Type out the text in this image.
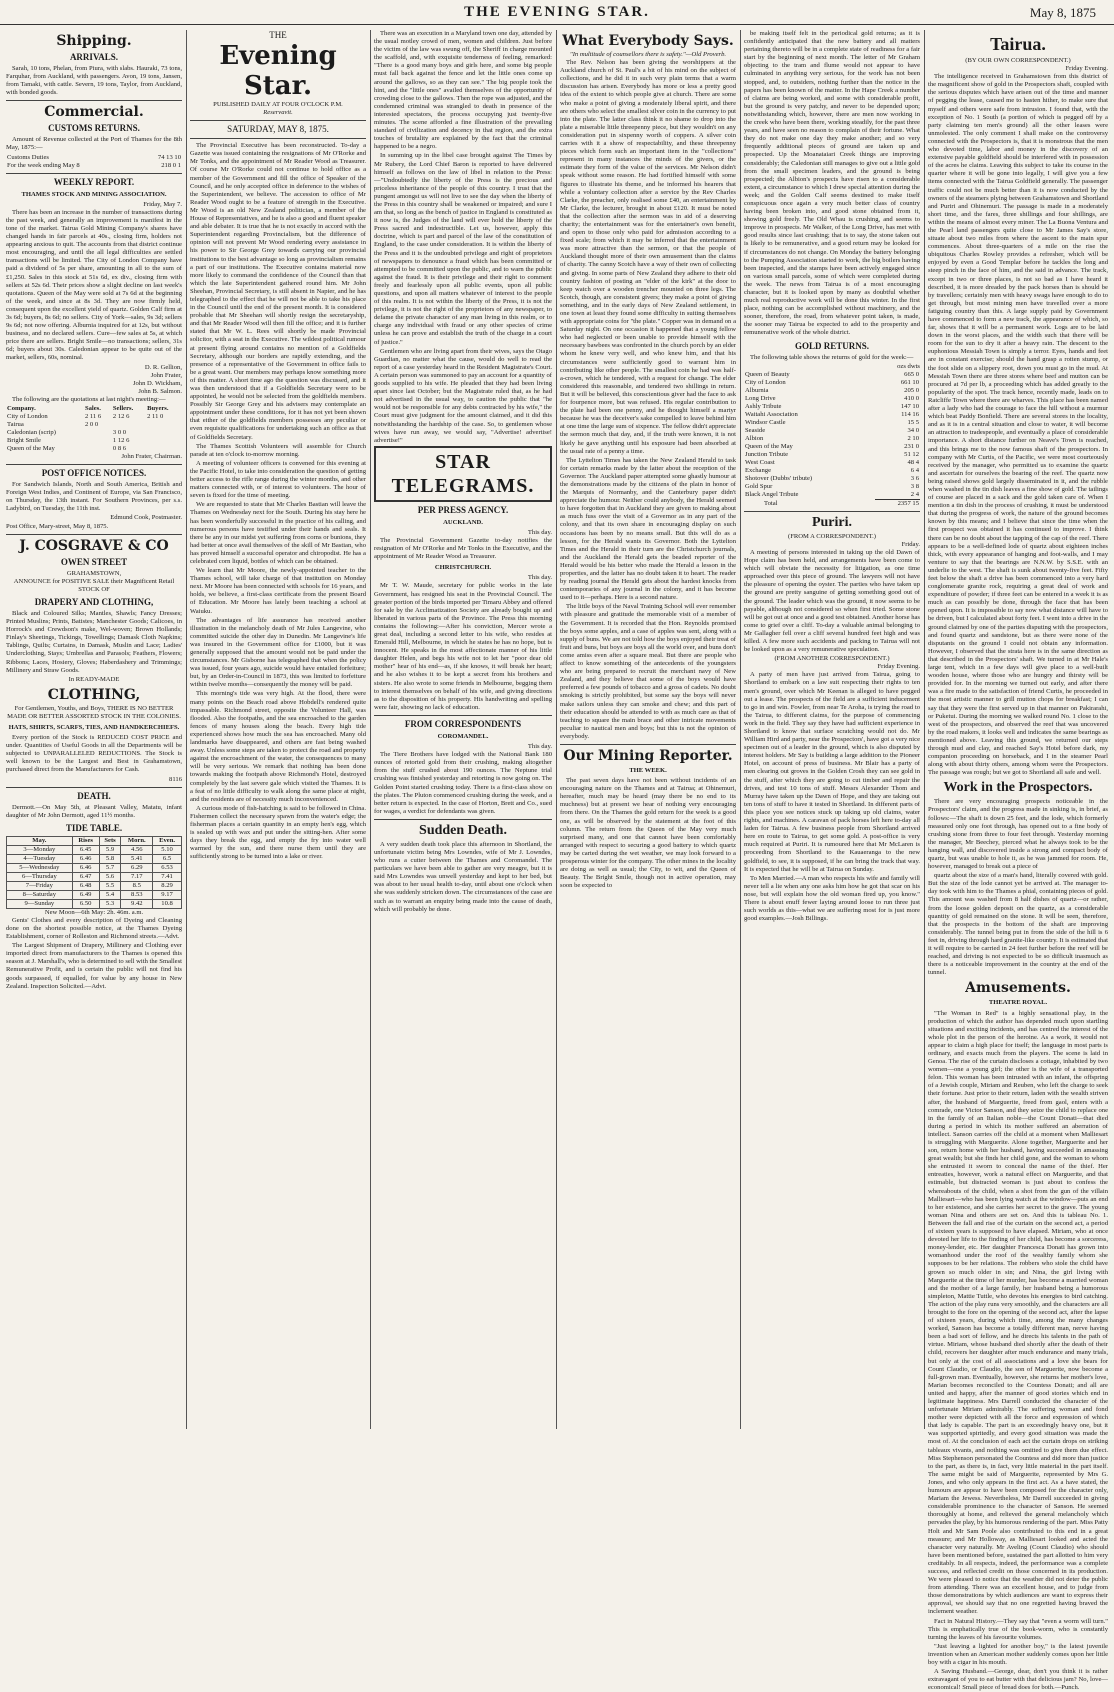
THE EVENING STAR.	May 8, 1875
Shipping.
ARRIVALS.

Sarah, 10 tons, Phelan, from Piura, with slabs. Hauraki, 73 tons, Farquhar, from Auckland, with passengers. Avon, 19 tons, Jansen, from Tamaki, with cattle. Severn, 19 tons, Taylor, from Auckland, with bonded goods.

Commercial.
CUSTOMS RETURNS.

Amount of Revenue collected at the Port of Thames for the 8th May, 1875:—

Customs Duties	74 13 10
For the week ending May 8	218 0 1
WEEKLY REPORT.
THAMES STOCK AND MINING ASSOCIATION.
Friday, May 7.

There has been an increase in the number of transactions during the past week, and generally an improvement is manifest in the tone of the market. Tairua Gold Mining Company's shares have changed hands in fair parcels at 40s., closing firm, holders not appearing anxious to quit. The accounts from that district continue most encouraging, and until the all legal difficulties are settled transactions will be limited. The City of London Company have paid a dividend of 5s per share, amounting in all to the sum of £1,250. Sales in this stock at 51s 6d, ex div., closing firm with sellers at 52s 6d. Their prices show a slight decline on last week's quotations. Queen of the May were sold at 7s 6d at the beginning of the week, and since at 8s 3d. They are now firmly held, consequent upon the excellent yield of quartz. Golden Calf firm at 3s 6d; buyers, 8s 6d; no sellers. City of York—sales, 9s 3d; sellers 9s 6d; not now offering. Alburnia inquired for at 12s, but without business, and no declared sellers. Cure—few sales at 5s, at which price there are sellers. Bright Smile—no transactions; sellers, 31s 6d; buyers about 30s. Caledonian appear to be quite out of the market, sellers, 60s, nominal.

D. R. Gellion,
John Frater,
John D. Wickham,
John B. Salmon.

The following are the quotations at last night's meeting:—

Company.	Sales.	Sellers.	Buyers.
City of London	2 11 6	2 12 6	2 11 0
Tairua	2 0 0		
Caledonian (scrip)		3 0 0	
Bright Smile		1 12 6	
Queen of the May		0 8 6	
John Frater, Chairman.
POST OFFICE NOTICES.

For Sandwich Islands, North and South America, British and Foreign West Indies, and Continent of Europe, via San Francisco, on Thursday, the 13th instant. For Southern Provinces, per s.s. Ladybird, on Tuesday, the 11th inst.

Edmund Cook, Postmaster.
Post Office, Mary-street, May 8, 1875.
J. COSGRAVE & CO
OWEN STREET
GRAHAMSTOWN,
ANNOUNCE for POSITIVE SALE their Magnificent Retail STOCK OF
DRAPERY AND CLOTHING,

Black and Coloured Silks; Mantles, Shawls; Fancy Dresses; Printed Muslins; Prints, Batistes; Manchester Goods; Calicoes, in Horrock's and Crewdson's make, Wel-woven; Brown Hollands; Finlay's Sheetings, Tickings, Towellings; Damask Cloth Napkins; Tablings, Quilts; Curtains, in Damask, Muslin and Lace; Ladies' Underclothing, Stays; Umbrellas and Parasols; Feathers, Flowers; Ribbons; Laces, Hosiery, Gloves; Haberdashery and Trimmings; Millinery and Straw Goods.

In READY-MADE
CLOTHING,
For Gentlemen, Youths, and Boys, THERE IS NO BETTER MADE OR BETTER ASSORTED STOCK IN THE COLONIES.
HATS, SHIRTS, SCARFS, TIES, AND HANDKERCHIEFS.

Every portion of the Stock is REDUCED COST PRICE and under. Quantities of Useful Goods in all the Departments will be subjected to UNPARALLELED REDUCTIONS. The Stock is well known to be the Largest and Best in Grahamstown, purchased direct from the Manufacturers for Cash.

8116
DEATH.

Dermott.—On May 5th, at Pleasant Valley, Matatu, infant daughter of Mr John Dermott, aged 11½ months.

TIDE TABLE.
May.	Rises	Sets	Morn.	Even.
3—Monday	6.45	5.9	4.56	5.10
4—Tuesday	6.46	5.8	5.41	6.5
5—Wednesday	6.46	5.7	6.29	6.53
6—Thursday	6.47	5.6	7.17	7.41
7—Friday	6.48	5.5	8.5	8.29
8—Saturday	6.49	5.4	8.53	9.17
9—Sunday	6.50	5.3	9.42	10.8
New Moon—6th May: 2h. 46m. a.m.

Gents' Clothes and every description of Dyeing and Cleaning done on the shortest possible notice, at the Thames Dyeing Establishment, corner of Rolleston and Richmond streets.—Advt.

The Largest Shipment of Drapery, Millinery and Clothing ever imported direct from manufacturers to the Thames is opened this season at J. Marshall's, who is determined to sell with the Smallest Remunerative Profit, and is certain the public will not find his goods surpassed, if equalled, for value by any house in New Zealand. Inspection Solicited.—Advt.

THE
Evening Star.
PUBLISHED DAILY AT FOUR O'CLOCK P.M.
Reservavit.
SATURDAY, MAY 8, 1875.

The Provincial Executive has been reconstructed. To-day a Gazette was issued containing the resignations of Mr O'Rorke and Mr Tonks, and the appointment of Mr Reader Wood as Treasurer. Of course Mr O'Rorke could not continue to hold office as a member of the Government and fill the office of Speaker of the Council, and he only accepted office in deference to the wishes of the Superintendent, we believe. The accession to office of Mr Reader Wood ought to be a feature of strength in the Executive. Mr Wood is an old New Zealand politician, a member of the House of Representatives, and he is also a good and fluent speaker and able debater. It is true that he is not exactly in accord with the Superintendent regarding Provincialism, but the difference of opinion will not prevent Mr Wood rendering every assistance in his power to Sir George Grey towards carrying our provincial institutions to the best advantage so long as provincialism remains a part of our institutions. The Executive contains material now more likely to command the confidence of the Council than that which the late Superintendent gathered round him. Mr John Sheehan, Provincial Secretary, is still absent in Napier, and he has telegraphed to the effect that he will not be able to take his place in the Council until the end of the present month. It is considered probable that Mr Sheehan will shortly resign the secretaryship, and that Mr Reader Wood will then fill the office; and it is further stated that Mr W. L. Rees will shortly be made Provincial solicitor, with a seat in the Executive. The wildest political rumour at present flying around contains no mention of a Goldfields Secretary, although our borders are rapidly extending, and the presence of a representative of the Government in office fails to be a great want. Our members may perhaps know something more of this matter. A short time ago the question was discussed, and it was then understood that if a Goldfields Secretary were to be appointed, he would not be selected from the goldfields members. Possibly Sir George Grey and his advisers may contemplate an appointment under these conditions, for it has not yet been shown that either of the goldfields members possesses any peculiar or even requisite qualifications for undertaking such an office as that of Goldfields Secretary.

The Thames Scottish Volunteers will assemble for Church parade at ten o'clock to-morrow morning.

A meeting of volunteer officers is convened for this evening at the Pacific Hotel, to take into consideration the question of getting better access to the rifle range during the winter months, and other matters connected with, or of interest to volunteers. The hour of seven is fixed for the time of meeting.

We are requested to state that Mr Charles Bastian will leave the Thames on Wednesday next for the South. During his stay here he has been wonderfully successful in the practice of his calling, and numerous persons have testified under their hands and seals. It there be any in our midst yet suffering from corns or bunions, they had better at once avail themselves of the skill of Mr Bastian, who has proved himself a successful operator and chiropodist. He has a celebrated corn liquid, bottles of which can be obtained.

We learn that Mr Moore, the newly-appointed teacher to the Thames school, will take charge of that institution on Monday next. Mr Moore has been connected with schools for 16 years, and holds, we believe, a first-class certificate from the present Board of Education. Mr Moore has lately been teaching a school at Waiuku.

The advantages of life assurance has received another illustration in the melancholy death of Mr Jules Langevine, who committed suicide the other day in Dunedin. Mr Langevine's life was insured in the Government office for £1000, but it was generally supposed that the amount would not be paid under the circumstances. Mr Gisborne has telegraphed that when the policy was issued, four years ago, suicide would have entailed forfeiture; but, by an Order-in-Council in 1873, this was limited to forfeiture within twelve months—consequently the money will be paid.

This morning's tide was very high. At the flood, there were many points on the Beach road above Hobdell's rendered quite impassable. Richmond street, opposite the Volunteer Hall, was flooded. Also the footpaths, and the sea encroached to the garden fences of many houses along the beach. Every high tide experienced shows how much the sea has encroached. Many old landmarks have disappeared, and others are fast being washed away. Unless some steps are taken to protect the road and property against the encroachment of the water, the consequences to many will be very serious. We remark that nothing has been done towards making the footpath above Richmond's Hotel, destroyed completely by the last severe gale which visited the Thames. It is a feat of no little difficulty to walk along the same place at night, and the residents are of necessity much inconvenienced.

A curious mode of fish-hatching is said to be followed in China. Fishermen collect the necessary spawn from the water's edge; the fisherman places a certain quantity in an empty hen's egg, which is sealed up with wax and put under the sitting-hen. After some days they break the egg, and empty the fry into water well warmed by the sun, and there nurse them until they are sufficiently strong to be turned into a lake or river.

There was an execution in a Maryland town one day, attended by the usual motley crowd of men, women and children. Just before the victim of the law was swung off, the Sheriff in charge mounted the scaffold, and, with exquisite tenderness of feeling, remarked: "There is a good many boys and girls here, and some big people must fall back against the fence and let the little ones come up around the gallows, so as they can see." The big people took the hint, and the "little ones" availed themselves of the opportunity of crowding close to the gallows. Then the rope was adjusted, and the condemned criminal was strangled to death in presence of the interested spectators, the process occupying just twenty-five minutes. The scene afforded a fine illustration of the prevailing standard of civilization and decency in that region, and the extra touches of brutality are explained by the fact that the criminal happened to be a negro.

In summing up in the libel case brought against The Times by Mr Rubery, the Lord Chief Baron is reported to have delivered himself as follows on the law of libel in relation to the Press:—"Undoubtedly the liberty of the Press is the precious and priceless inheritance of the people of this country. I trust that the pungent amongst us will not live to see the day when the liberty of the Press in this country shall be weakened or impaired; and sure I am that, so long as the bench of justice in England is constituted as it now is, the Judges of the land will ever hold the liberty of the Press sacred and indestructible. Let us, however, apply this doctrine, which is part and parcel of the law of the constitution of England, to the case under consideration. It is within the liberty of the Press and it is the undoubted privilege and right of proprietors of newspapers to denounce a fraud which has been committed or attempted to be committed upon the public, and to warn the public against the fraud. It is their privilege and their right to comment freely and fearlessly upon all public events, upon all public questions, and upon all matters whatever of interest to the people of this realm. It is not within the liberty of the Press, it is not the privilege, it is not the right of the proprietors of any newspaper, to defame the private character of any man living in this realm, or to charge any individual with fraud or any other species of crime unless he can prove and establish the truth of the charge in a court of justice."

Gentlemen who are living apart from their wives, says the Otago Guardian, no matter what the cause, would do well to read the report of a case yesterday heard in the Resident Magistrate's Court. A certain person was summoned to pay an account for a quantity of goods supplied to his wife. He pleaded that they had been living apart since last October; but the Magistrate ruled that, as he had not advertised in the usual way, to caution the public that "he would not be responsible for any debts contracted by his wife," the Court must give judgment for the amount claimed, and it did this notwithstanding the hardship of the case. So, to gentlemen whose wives have run away, we would say, "Advertise! advertise! advertise!"

STAR TELEGRAMS.
PER PRESS AGENCY.
AUCKLAND.
This day.

The Provincial Government Gazette to-day notifies the resignation of Mr O'Rorke and Mr Tonks in the Executive, and the appointment of Mr Reader Wood as Treasurer.

CHRISTCHURCH.
This day.

Mr T. W. Maude, secretary for public works in the late Government, has resigned his seat in the Provincial Council. The greater portion of the birds imported per Timaru Abbey and offered for sale by the Acclimatization Society are already bought up and liberated in various parts of the Province. The Press this morning contains the following:—After his conviction, Mercer wrote a great deal, including a second letter to his wife, who resides at Emerald Hill, Melbourne, in which he states he has no hope, but is innocent. He speaks in the most affectionate manner of his little daughter Helen, and begs his wife not to let her "poor dear old mother" hear of his end—as, if she knows, it will break her heart; and he also wishes it to be kept a secret from his brothers and sisters. He also wrote to some friends in Melbourne, begging them to interest themselves on behalf of his wife, and giving directions as to the disposition of his property. His handwriting and spelling were fair, showing no lack of education.

FROM CORRESPONDENTS
COROMANDEL.
This day.

The Tiere Brothers have lodged with the National Bank 180 ounces of retorted gold from their crushing, making altogether from the stuff crushed about 190 ounces. The Neptune trial crushing was finished yesterday and retorting is now going on. The Golden Point started crushing today. There is a first-class show on the plates. The Pluton commenced crushing during the week, and a better return is expected. In the case of Horton, Brett and Co., sued for wages, a verdict for defendants was given.

Sudden Death.

A very sudden death took place this afternoon in Shortland, the unfortunate victim being Mrs Lowndes, wife of Mr J. Lowndes, who runs a cutter between the Thames and Coromandel. The particulars we have been able to gather are very meagre, but it is said Mrs Lowndes was unwell yesterday and kept to her bed, but was about to her usual health to-day, until about one o'clock when she was suddenly stricken down. The circumstances of the case are such as to warrant an enquiry being made into the cause of death, which will probably be done.

What Everybody Says.
"In multitude of counsellors there is safety."—Old Proverb.

The Rev. Nelson has been giving the worshippers at the Auckland church of St. Paul's a bit of his mind on the subject of collections, and he did it in such very plain terms that a warm discussion has arisen. Everybody has more or less a pretty good idea of the extent to which people give at church. There are some who make a point of giving a moderately liberal spirit, and there are others who select the smallest silver coin in the currency to put into the plate. The latter class think it no shame to drop into the plate a miserable little threepenny piece, but they wouldn't on any consideration put in sixpenny worth of coppers. A silver coin carries with it a show of respectability, and these threepenny pieces which form such an important item in the "collections" represent in many instances the minds of the givers, or the estimate they form of the value of the services. Mr Nelson didn't speak without some reason. He had fortified himself with some figures to illustrate his theme, and he informed his hearers that while a voluntary collection after a service by the Rev Charles Clarke, the preacher, only realised some £40, an entertainment by Mr Clarke, the lecturer, brought in about £120. It must be noted that the collection after the sermon was in aid of a deserving charity; the entertainment was for the entertainer's own benefit, and open to those only who paid for admission according to a fixed scale; from which it may be inferred that the entertainment was more attractive than the sermon, or that the people of Auckland thought more of their own amusement than the claims of charity. The canny Scotch have a way of their own of collecting and giving. In some parts of New Zealand they adhere to their old country fashion of posting an "elder of the kirk" at the door to keep watch over a wooden trencher mounted on three legs. The Scotch, though, are consistent givers; they make a point of giving something, and in the early days of New Zealand settlement, in one town at least they found some difficulty in suiting themselves with appropriate coins for "the plate." Copper was in demand on a Saturday night. On one occasion it happened that a young fellow who had neglected or been unable to provide himself with the necessary bawbees was confronted in the church porch by an elder whom he knew very well, and who knew him, and that his circumstances were sufficiently good to warrant him in contributing like other people. The smallest coin he had was half-a-crown, which he tendered, with a request for change. The elder considered this reasonable, and tendered two shillings in return. But it will be believed, this conscientious giver had the face to ask for fourpence more, but was refused. His regular contribution to the plate had been one penny, and he thought himself a martyr because he was the deceiver's sake compelled to leave behind him at one time the large sum of sixpence. The fellow didn't appreciate the sermon much that day, and, if the truth were known, it is not likely he gave anything until his exposure had been absorbed at the usual rate of a penny a time.

The Lyttelton Times has taken the New Zealand Herald to task for certain remarks made by the latter about the reception of the Governor. The Auckland paper attempted some ghastly humour at the demonstrations made by the citizens of the plain in honor of the Marquis of Normanby, and the Canterbury paper didn't appreciate the humour. Neither could anybody, the Herald seemed to have forgotten that in Auckland they are given to making about as much fuss over the visit of a Governor as in any part of the colony, and that its own share in encouraging display on such occasions has been by no means small. But this will do as a lesson, for the Herald wants its Governor. Both the Lyttelton Times and the Herald in their turn are the Christchurch journals, and the Auckland the Herald gets the beaded reporter of the Herald would be his better who made the Herald a lesson in the properties, and the latter has no doubt taken it to heart. The reader by reading journal the Herald gets about the hardest knocks from contemporaries of any journal in the colony, and it has become used to it—perhaps. Here is a second nature.

The little boys of the Naval Training School will ever remember with pleasure and gratitude the memorable visit of a member of the Government. It is recorded that the Hon. Reynolds promised the boys some apples, and a case of apples was sent, along with a supply of buns. We are not told how the boys enjoyed their treat of fruit and buns, but boys are boys all the world over, and buns don't come amiss even after a square meal. But there are people who affect to know something of the antecedents of the youngsters who are being prepared to recruit the merchant navy of New Zealand, and they believe that some of the boys would have preferred a few pounds of tobacco and a gross of cadets. No doubt smoking is strictly prohibited, but some say the boys will never make sailors unless they can smoke and chew; and this part of their education should be attended to with as much care as that of teaching to square the main brace and other intricate movements peculiar to nautical men and boys; but this is not the opinion of everybody.

Our Mining Reporter.
THE WEEK.

The past seven days have not been without incidents of an encouraging nature on the Thames and at Tairua; at Ohinemuri, hereafter, much may be heard (may there be no end to its muchness) but at present we hear of nothing very encouraging from there. On the Thames the gold return for the week is a good one, as will be observed by the statement at the foot of this column. The return from the Queen of the May very much surprised many, and one that cannot have been comfortably arranged with respect to securing a good battery to which quartz may be carted during the wet weather, we may look forward to a prosperous winter for the company. The other mines in the locality are doing as well as usual; the City, to wit, and the Queen of Beauty. The Bright Smile, though not in active operation, may soon be expected to

be making itself felt in the periodical gold returns; as it is confidently anticipated that the new battery and all matters pertaining thereto will be in a complete state of readiness for a fair start by the beginning of next month. The letter of Mr Graham objecting to the tram and flume would not appear to have culminated in anything very serious, for the work has not been stopped, and, to outsiders, nothing further than the notice in the papers has been known of the matter. In the Hape Creek a number of claims are being worked, and some with considerable profit, but the ground is very patchy, and never to be depended upon; notwithstanding which, however, there are men now working in the creek who have been there, working steadily, for the past three years, and have seen no reason to complain of their fortune. What they do not make one day they make another; and so very frequently additional pieces of ground are taken up and prospected. Up the Moanataiari Creek things are improving considerably; the Caledonian still manages to give out a little gold from the small specimen leaders, and the ground is being prospected; the Albion's prospects have risen to a considerable extent, a circumstance to which I drew special attention during the week; and the Golden Calf seems destined to make itself conspicuous once again a very much better class of country having been broken into, and good stone obtained from it, showing gold freely. The Old Whau is crushing, and seems to improve in prospects. Mr Walker, of the Long Drive, has met with good results since last crushing; that is to say, the stone taken out is likely to be remunerative, and a good return may be looked for if circumstances do not change. On Monday the battery belonging to the Pumping Association started to work, the big boilers having been inspected, and the stamps have been actively engaged since on various small parcels, some of which were completed during the week. The news from Tairua is of a most encouraging character, but it is looked upon by many as doubtful whether much real reproductive work will be done this winter. In the first place, nothing can be accomplished without machinery, and the sooner, therefore, the road, from whatever point taken, is made, the sooner may Tairua be expected to add to the prosperity and remunerative work of the whole district.

GOLD RETURNS.

The following table shows the returns of gold for the week:—

ozs dwts
Queen of Beauty	665 0
City of London	661 10
Alburnia	205 0
Long Drive	410 0
Ashly Tribute	147 10
Waitahi Association	114 16
Windsor Castle	15 5
Seaside	34 0
Albion	2 10
Queen of the May	231 0
Junction Tribute	51 12
West Coast	48 4
Exchange	6 4
Shotover (Dubbs' tribute)	3 6
Gold Spur	3 8
Black Angel Tribute	2 4
Total	2357 15
Puriri.
(FROM A CORRESPONDENT.)
Friday.

A meeting of persons interested in taking up the old Dawn of Hope claim has been held, and arrangements have been come to which will obviate the necessity for litigation, as one time approached over this piece of ground. The lawyers will not have the pleasure of opening the oyster. The parties who have taken up the ground are pretty sanguine of getting something good out of the ground. The leader which was the ground, it now seems to be payable, although not considered so when first tried. Some stone will be got out at once and a good test obtained. Another horse has come to grief over a cliff. To-day a valuable animal belonging to Mr Gallagher fell over a cliff several hundred feet high and was killed. A few more such accidents and packing to Tairua will not be looked upon as a very remunerative speculation.

(FROM ANOTHER CORRESPONDENT.)
Friday Evening.

A party of men have just arrived from Tairua, going to Shortland to embark on a law suit respecting their rights to ten men's ground, over which Mr Keenan is alleged to have pegged out a lease. The prospects of the field are a sufficient inducement to go in and win. Fowler, from near Te Aroha, is trying the road to the Tairua, to different claims, for the purpose of commencing work in the field. They say they have had sufficient experience in Shortland to know that surface scratching would not do. Mr William Hird and party, near the Prospectors', have got a very nice specimen out of a leader in the ground, which is also disputed by interest holders. Mr Say is building a large addition to the Pioneer Hotel, on account of press of business. Mr Blair has a party of men clearing out groves in the Golden Crosh they can see gold in the stuff, after which they are going to cut timber and repair the drives, and test 10 tons of stuff. Messrs Alexander Thom and Murray have taken up the Dawn of Hope, and they are taking out ten tons of stuff to have it tested in Shortland. In different parts of this place you see notices stuck up taking up old claims, water rights, and machines. A caravan of pack horses left here to-day all laden for Tairua. A few business people from Shortland arrived here en route to Tairua, to get some gold. A post-office is very much required at Puriri. It is rumoured here that Mr McLaren is proceeding from Shortland to the Kauaeranga to the new goldfield, to see, it is supposed, if he can bring the track that way. It is expected that he will be at Tairua on Sunday.

To Men Married.—A man who respects his wife and family will never tell a lie when any one asks him how he got that scar on his nose, but will explain how the old woman fired up, you know." There is about enuff fewer laying around loose to run three just such worlds as this—what we are suffering most for is just more good examples.—Josh Billings.

Tairua.
(BY OUR OWN CORRESPONDENT.)
Friday Evening.

The intelligence received in Grahamstown from this district of the magnificent show of gold in the Prospectors shaft, coupled with the serious disputes which have arisen out of the time and manner of pegging the lease, caused me to hasten hither, to make sure that myself and others were safe from intrusion. I found that, with the exception of No. 1 South (a portion of which is pegged off by a party claiming ten men's ground) all the other leases were unmolested. The only comment I shall make on the controversy connected with the Prospectors is, that it is monstrous that the men who devoted time, labor and money in the discovery of an extensive payable goldfield should be interfered with in possession of the acres he claims. Leaving this subject to take its course in the quarter where it will be gone into legally, I will give you a few items connected with the Tairua Goldfield generally. The passenger traffic could not be much better than it is now conducted by the owners of the steamers plying between Grahamstown and Shortland and Puriri and Ohinemuri. The passage is made in a moderately short time, and the fares, three shillings and four shillings, are within the means of almost every miner. The La Buona Ventura and the Pearl land passengers quite close to Mr James Say's store, situate about two miles from where the ascent to the main spur commences. About three-quarters of a mile on the rise the ubiquitous Charles Rowley provides a refresher, which will be enjoyed by even a Good Templar before he tackles the long and steep pinch in the face of him, and the said in advance. The track, except in two or three places, is not so bad as I have heard it described, it is more dreaded by the pack horses than is should be by travellers; certainly men with heavy swags have enough to do to get through, but most mining men have travelled over a more fatiguing country than this. A large supply paid by Government have commenced to form a new track, the appearance of which, so far, shows that it will be a permanent work. Logs are to be laid down in the worst places, and the width such that there will be room for the sun to dry it after a heavy rain. The descent to the euphonious Messiah Town is simply a terror. Eyes, hands and feet are in constant exercise; should the hand grasp a rotten stump, or the foot slide on a slippery root, down you must go in the mud. At Messiah Town there are three stores where beef and mutton can be procured at 7d per lb, a proceeding which has added greatly to the popularity of the spot. The track hence, recently made, leads on to Ratcliffe Town where there are wharves. This place has been named after a lady who had the courage to face the hill without a murmur which beat Paddy Bonfield. There are several stores in the locality, and as it is in a central situation and close to water, it will become an attraction to tradespeople, and eventually a place of considerable importance. A short distance further on Neave's Town is reached, and this brings me to the now famous shaft of the prospectors. In company with Mr Curtis, of the Pacific, we were most courteously received by the manager, who permitted us to examine the quartz and ascertain for ourselves the bearing of the reef. The quartz now being raised shows gold largely disseminated in it, and the rubble when washed in the tin dish leaves a fine show of gold. The tailings of course are placed in a sack and the gold taken care of. When I mention a tin dish in the process of crushing, it must be understood that during the progress of work, the nature of the ground becomes known by this means; and I believe that since the time when the first prospect was obtained it has continued to improve. I think there can be no doubt about the tapping of the cap of the reef. There appears to be a well-defined lode of quartz about eighteen inches thick, with every appearance of hanging and foot-walls, and I may venture to say that the bearings are N.N.W. by S.S.E. with an underlie to the west. The shaft is sunk about twenty-five feet. Fifty feet below the shaft a drive has been commenced into a very hard conglomerate granite rock, requiring a great deal of work and expenditure of powder; if three feet can be entered in a week it is as much as can possibly be done, through the face that has been opened upon. It is impossible to say now what distance will have to be driven, but I calculated about forty feet. I went into a drive in the ground claimed by one of the parties disputing with the prospectors, and found quartz and sandstone, but as there were none of the disputants on the ground I could not obtain any information. However, I observed that the strata here is in the same direction as that described in the Prospectors' shaft. We turned in at Mr Hale's large tent, which in a few days will give place to a well-built wooden house, where those who are hungry and thirsty will be provided for. In the morning we turned out early, and after there was a fire made to the satisfaction of friend Curtis, he proceeded in the most artistic manner to grill mutton chops for breakfast; I can say that they were the first served up in that manner on Pakirarahi, or Puketui. During the morning we walked round No. 1 close to the west of the prospectors, and observed the reef that was uncovered by the road makers, it looks well and indicates the same bearings as mentioned above. Leaving this ground, we returned our steps through mud and clay, and reached Say's Hotel before dark, my companion proceeding on horseback, and I in the steamer Pearl along with about thirty others, among whom were the Prospectors. The passage was rough; but we got to Shortland all safe and well.

Work in the Prospectors.

There are very encouraging prospects noticeable in the Prospectors' claim, and the progress made in sinking is, in brief, as follows:—The shaft is down 25 feet, and the lode, which formerly measured only one foot through, has opened out to a fine body of crushing stone from three to four feet through. Yesterday morning the manager, Mr Beechey, pierced what he always took to be the hanging wall, and discovered inside a strong and compact body of quartz, but was unable to hole it, as he was jammed for room. He, however, managed to break out a piece of

quartz about the size of a man's hand, literally covered with gold. But the size of the lode cannot yet be arrived at. The manager to-day took with him to the Thames a phial, containing pieces of gold. This amount was washed from 8 half dishes of quartz—or rather, from the loose golden deposit on the quartz, as a considerable quantity of gold remained on the stone. It will be seen, therefore, that the prospects in the bottom of the shaft are improving considerably. The tunnel being put in from the side of the hill is 6 feet in, driving through hard granite-like country. It is estimated that it will require to be carried in 24 feet further before the reef will be reached, and driving is not expected to be so difficult inasmuch as there is a noticeable improvement in the country at the end of the tunnel.

Amusements.
THEATRE ROYAL.

"The Woman in Red" is a highly sensational play, in the production of which the author has depended much upon startling situations and exciting incidents, and has centred the interest of the whole plot in the person of the heroine. As a work, it would not appear to claim a high place for itself; the language in most parts is ordinary, and exacts much from the players. The scene is laid in Genoa. The rise of the curtain discloses a cottage, inhabited by two women—one a young girl; the other is the wife of a transported felon. This woman has been intrusted with an infant, the offspring of a Jewish couple, Miriam and Reuben, who left the charge to seek their fortune. Just prior to their return, laden with the wealth striven after, the husband of Marguerite, freed from gaol, enters with a comrade, one Victor Sanson, and they seize the child to replace one in the family of an Italian noble—the Count Donati—that died during a period in which its mother suffered an aberration of intellect. Sanson carries off the child at a moment when Malliesart is struggling with Marguerite. Alone together, Marguerite and her son, return home with her husband, having succeeded in amassing great wealth; but she finds her child gone, and the woman to whom she entrusted it sworn to conceal the name of the thief. Her entreaties, however, work a natural effect on Marguerite, and that estimable, but distracted woman is just about to confess the whereabouts of the child, when a shot from the gun of the villain Malliesart—who has been lying watch at the window—puts an end to her existence, and she carries her secret to the grave. The young woman Nina and others are set on. And this is tableau No. 1. Between the fall and rise of the curtain on the second act, a period of sixteen years is supposed to have elapsed. Miriam, who at once devoted her life to the finding of her child, has become a sorceress, money-lender, etc. Her daughter Francesca Donati has grown into womanhood under the roof of the wealthy family whom she supposes to be her relations. The robbers who stole the child have grown so much older in sin; and Nina, the girl living with Marguerite at the time of her murder, has become a married woman and the mother of a large family, her husband being a humorous simpleton, Mattie Tuttle, who devotes his energies to bird catching. The action of the play runs very smoothly, and the characters are all brought to the fore on the opening of the second act, after the lapse of sixteen years, during which time, among the many changes worked, Sanson has become a totally different man, nerve having been a bad sort of fellow, and he directs his talents in the path of virtue. Miriam, whose husband died shortly after the death of their child, recovers her daughter after much endurance and many trials, but only at the cost of all associations and a love she bears for Count Claudio, or Claudio, the son of Marguerite, now become a full-grown man. Eventually, however, she returns her mother's love, Marian becomes reconciled to the Countess Donati; and all are united and happy, after the manner of good stories which end in legitimate happiness. Mrs Darrell conducted the character of the unfortunate Miriam admirably. The suffering woman and fond mother were depicted with all the force and expression of which that lady is capable. The part is an exceedingly heavy one, but it was supported spiritedly, and every good situation was made the most of. At the conclusion of each act the curtain drops on striking tableaux vivants, and nothing was omitted to give them due effect. Miss Stephenson personated the Countess and did more than justice to the part, as there is, in fact, very little material in the part itself. The same might be said of Marguerite, represented by Mrs G. Jones, and who only appears in the first act. As a have stated, the humours are appear to have been composed for the character only, Mariam the Jewess. Nevertheless, Mr Darrell succeeded in giving considerable prominence to the character of Sanson. He seemed thoroughly at home, and relieved the general melancholy which pervades the play, by his humorous rendering of the part. Miss Patty Holt and Mr Sam Poole also contributed to this end in a great measure; and Mr Holloway, as Malliesart looked and acted the character very naturally. Mr Aveling (Count Claudio) who should have been mentioned before, sustained the part allotted to him very creditably. In all respects, indeed, the performance was a complete success, and reflected credit on those concerned in its production. We were pleased to notice that the weather did not deter the public from attending. There was an excellent house, and to judge from those demonstrations by which audiences are want to express their approval, we should say that no one regretted having braved the inclement weather.

Fact in Natural History.—They say that "even a worm will turn." This is emphatically true of the book-worm, who is constantly turning the leaves of his favourite volumes.

"Just leaving a lighted for another boy," is the latest juvenile invention when an American mother suddenly comes upon her little boy with a cigar in his mouth.

A Saving Husband.—George, dear, don't you think it is rather extravagant of you to eat butter with that delicious jam? No, love—economical! Small piece of bread does for both.—Punch.
